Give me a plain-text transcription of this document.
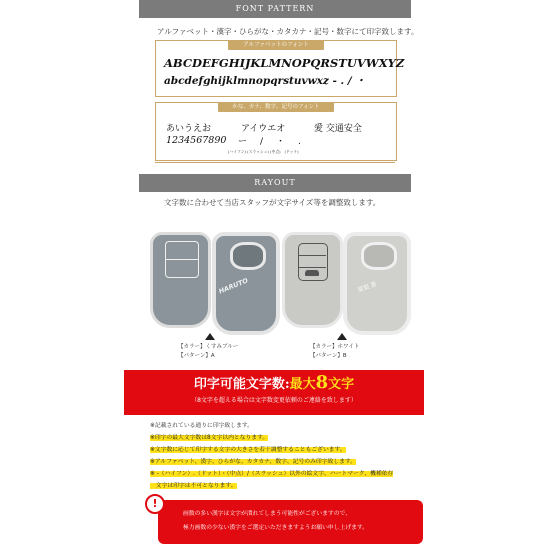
FONT PATTERN
アルファベット・漢字・ひらがな・カタカナ・記号・数字にて印字致します。
アルファベットのフォント
ABCDEFGHIJKLMNOPQRSTUVWXYZ
abcdefghijklmnopqrstuvwxz - . / ・
かな、カナ、数字、記号のフォント
あいうえお	アイウエオ	愛 交通安全
1234567890 ー　/　・　.
(ハイフン) (スラッシュ) (中点)　(ドット)
RAYOUT
文字数に合わせて当店スタッフが文字サイズ等を調整致します。
HARUTO
【カラー】くすみブルー
【パターン】A
愛梨 蒼
【カラー】ホワイト
【パターン】B
印字可能文字数:最大8文字
（8文字を超える場合は文字数変更依頼のご連絡を致します）
※記載されている通りに印字致します。
※印字の最大文字数は8文字以内となります。
※文字数に応じて印字する文字の大きさを若干調整することもございます。
※アルファベット、漢字、ひらがな、カタカナ、数字、記号のみ印字致します。
※ -（ハイフン）.（ドット）・（中点）/（スラッシュ）以外の絵文字、ハートマーク、機種依存
　文字は印字は不可となります。
画数の多い漢字は文字が潰れてしまう可能性がございますので、
極力画数の少ない漢字をご選定いただきますようお願い申し上げます。
!
